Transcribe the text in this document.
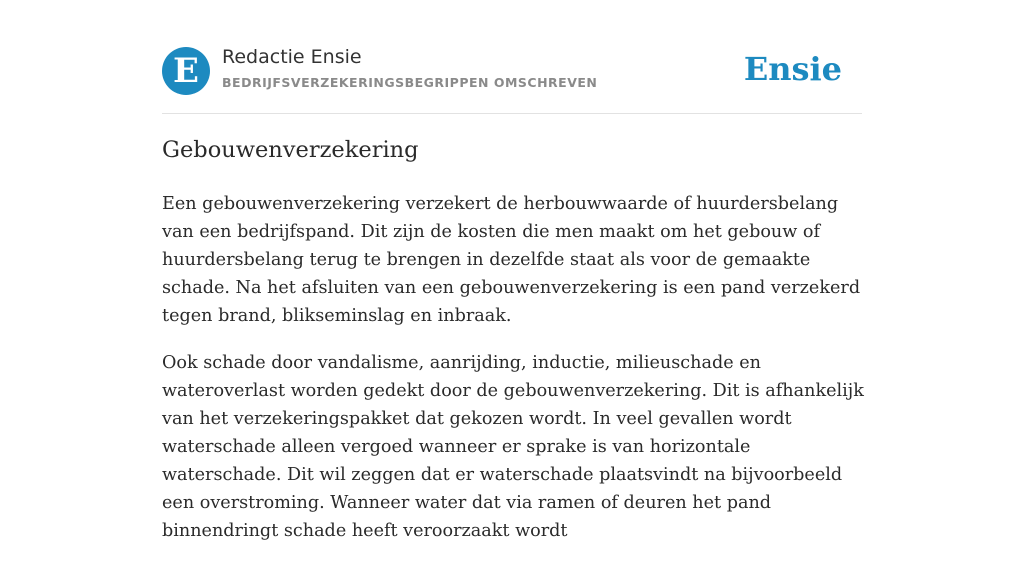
E	Redactie Ensie
BEDRIJFSVERZEKERINGSBEGRIPPEN OMSCHREVEN	Ensie
Gebouwenverzekering

Een gebouwenverzekering verzekert de herbouwwaarde of huurdersbelang van een bedrijfspand. Dit zijn de kosten die men maakt om het gebouw of huurdersbelang terug te brengen in dezelfde staat als voor de gemaakte schade. Na het afsluiten van een gebouwenverzekering is een pand verzekerd tegen brand, blikseminslag en inbraak.

Ook schade door vandalisme, aanrijding, inductie, milieuschade en wateroverlast worden gedekt door de gebouwenverzekering. Dit is afhankelijk van het verzekeringspakket dat gekozen wordt. In veel gevallen wordt waterschade alleen vergoed wanneer er sprake is van horizontale waterschade. Dit wil zeggen dat er waterschade plaatsvindt na bijvoorbeeld een overstroming. Wanneer water dat via ramen of deuren het pand binnendringt schade heeft veroorzaakt wordt
